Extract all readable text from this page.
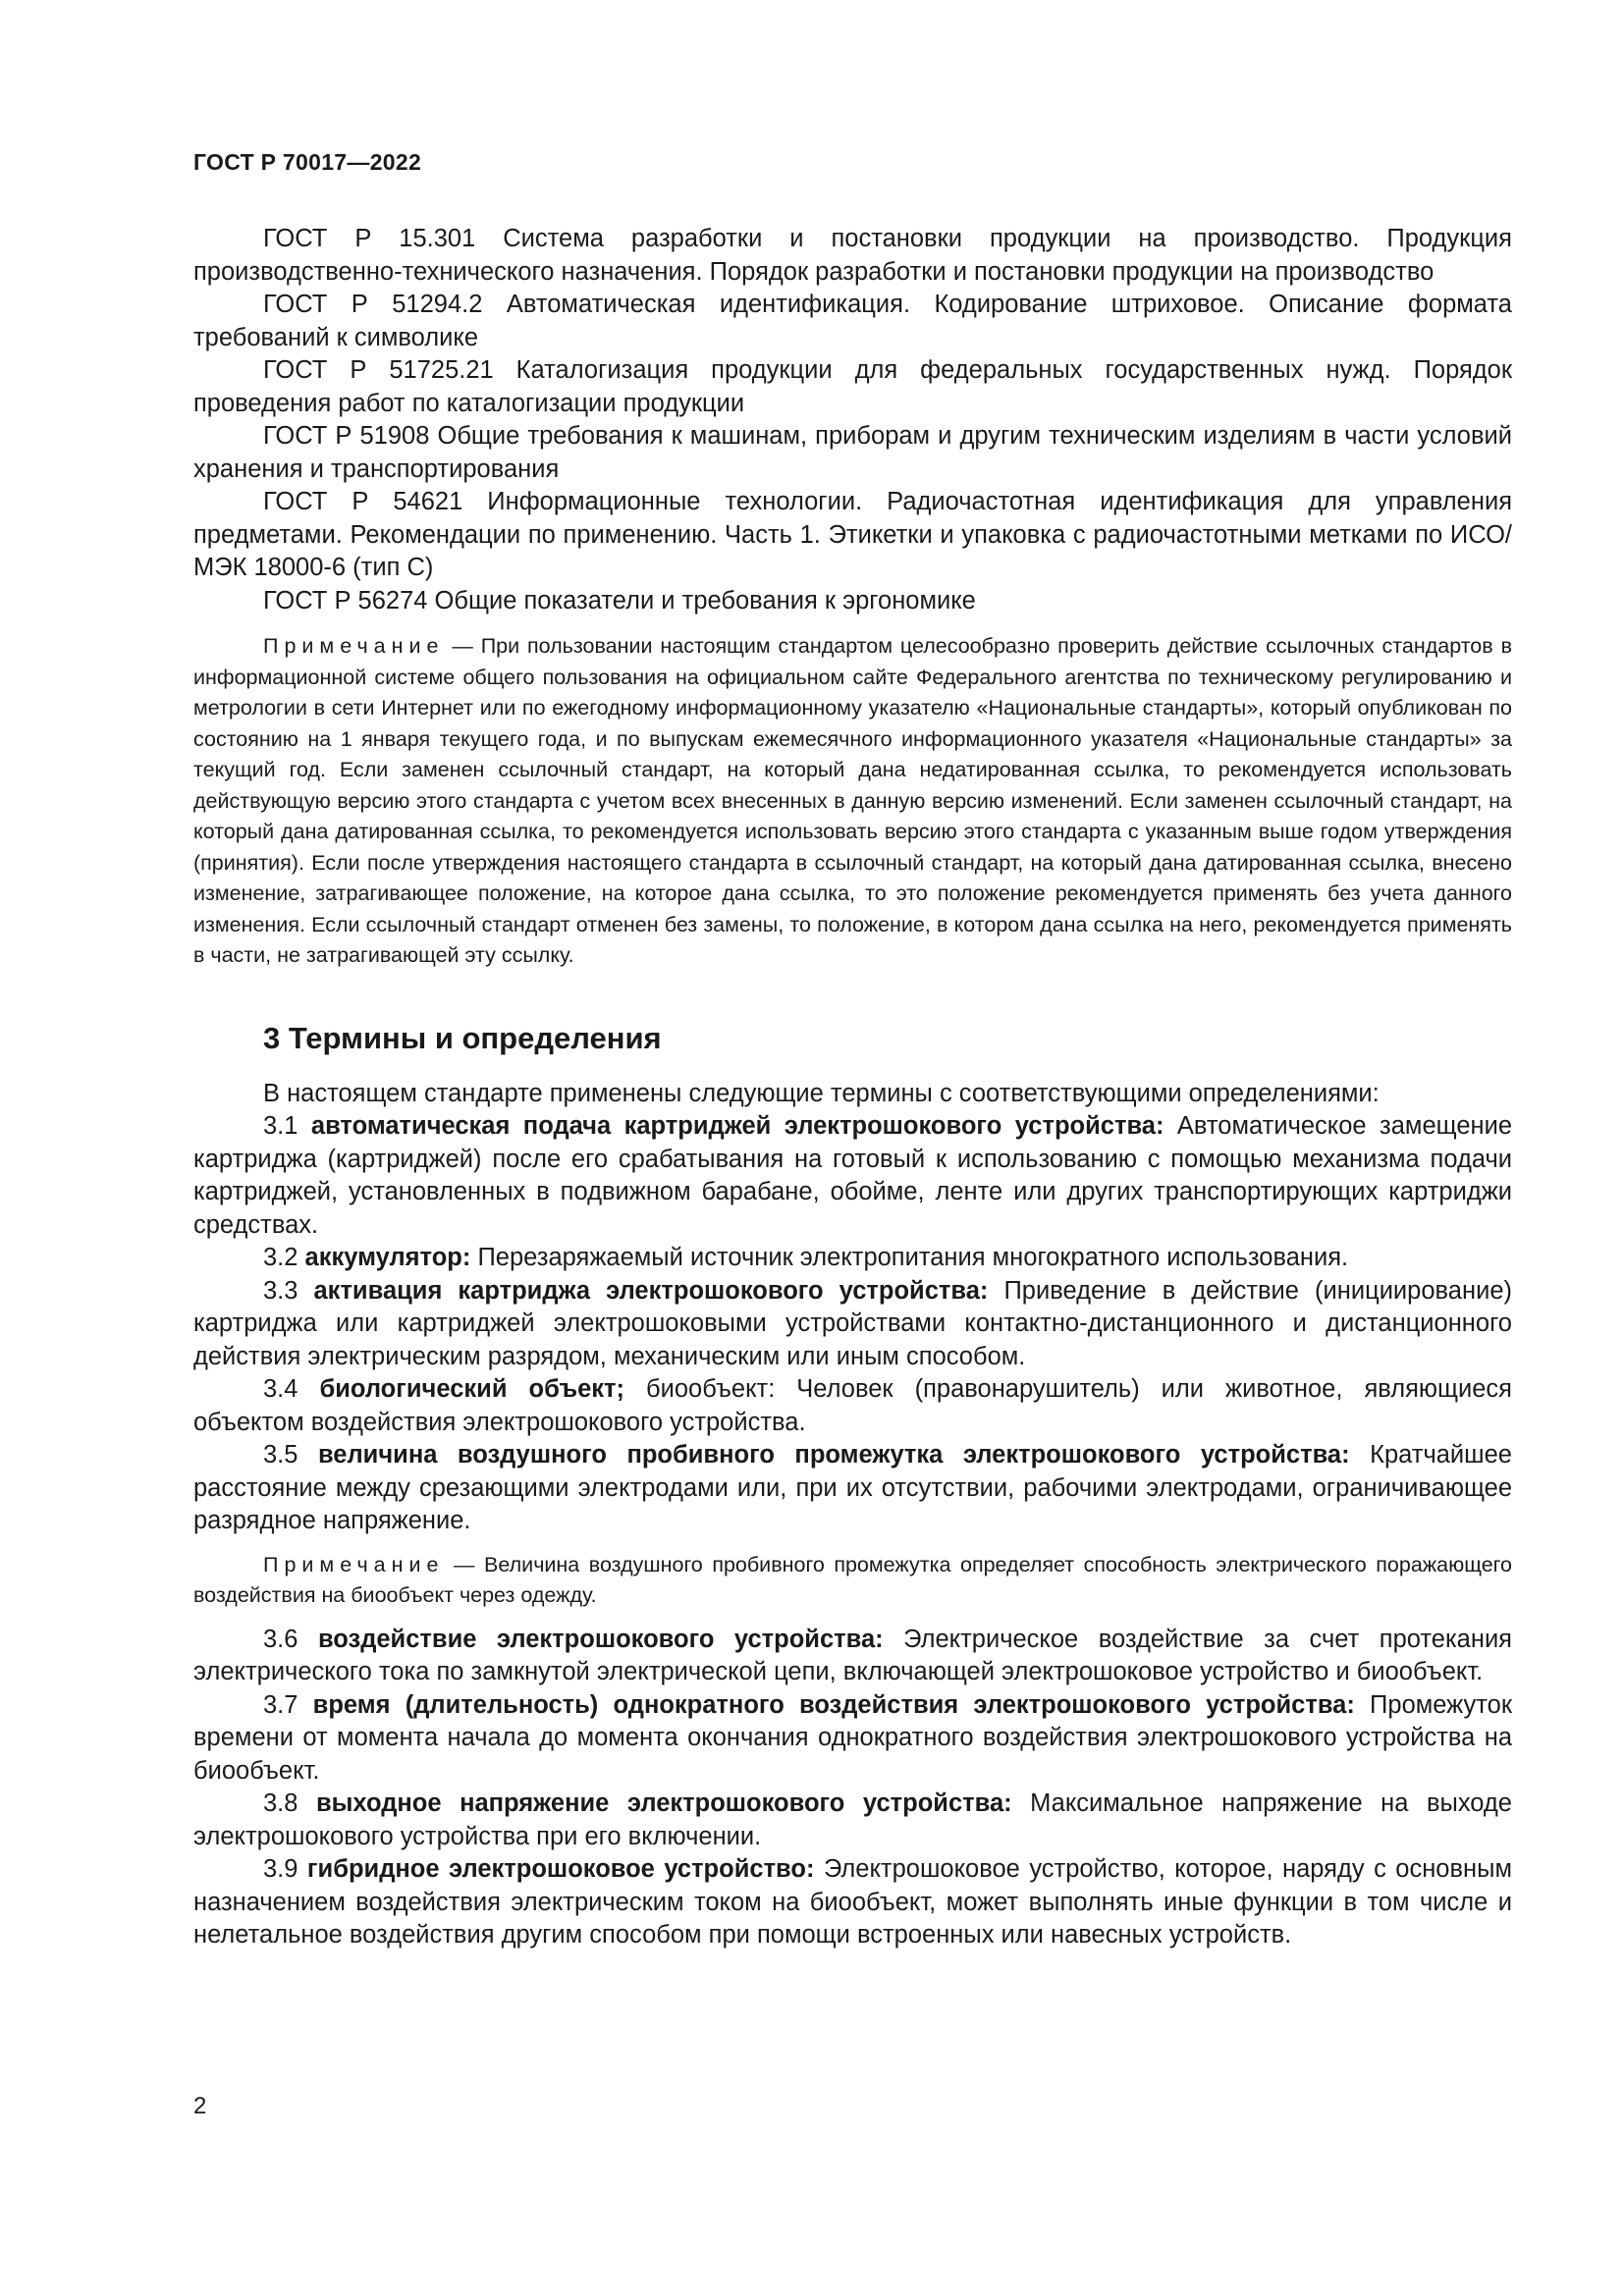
ГОСТ Р 70017—2022

ГОСТ Р 15.301 Система разработки и постановки продукции на производство. Продукция производственно-технического назначения. Порядок разработки и постановки продукции на производство

ГОСТ Р 51294.2 Автоматическая идентификация. Кодирование штриховое. Описание формата требований к символике

ГОСТ Р 51725.21 Каталогизация продукции для федеральных государственных нужд. Порядок проведения работ по каталогизации продукции

ГОСТ Р 51908 Общие требования к машинам, приборам и другим техническим изделиям в части условий хранения и транспортирования

ГОСТ Р 54621 Информационные технологии. Радиочастотная идентификация для управления предметами. Рекомендации по применению. Часть 1. Этикетки и упаковка с радиочастотными метками по ИСО/МЭК 18000-6 (тип С)

ГОСТ Р 56274 Общие показатели и требования к эргономике

Примечание — При пользовании настоящим стандартом целесообразно проверить действие ссылочных стандартов в информационной системе общего пользования на официальном сайте Федерального агентства по техническому регулированию и метрологии в сети Интернет или по ежегодному информационному указателю «Национальные стандарты», который опубликован по состоянию на 1 января текущего года, и по выпускам ежемесячного информационного указателя «Национальные стандарты» за текущий год. Если заменен ссылочный стандарт, на который дана недатированная ссылка, то рекомендуется использовать действующую версию этого стандарта с учетом всех внесенных в данную версию изменений. Если заменен ссылочный стандарт, на который дана датированная ссылка, то рекомендуется использовать версию этого стандарта с указанным выше годом утверждения (принятия). Если после утверждения настоящего стандарта в ссылочный стандарт, на который дана датированная ссылка, внесено изменение, затрагивающее положение, на которое дана ссылка, то это положение рекомендуется применять без учета данного изменения. Если ссылочный стандарт отменен без замены, то положение, в котором дана ссылка на него, рекомендуется применять в части, не затрагивающей эту ссылку.

3 Термины и определения

В настоящем стандарте применены следующие термины с соответствующими определениями:

3.1 автоматическая подача картриджей электрошокового устройства: Автоматическое замещение картриджа (картриджей) после его срабатывания на готовый к использованию с помощью механизма подачи картриджей, установленных в подвижном барабане, обойме, ленте или других транспортирующих картриджи средствах.

3.2 аккумулятор: Перезаряжаемый источник электропитания многократного использования.

3.3 активация картриджа электрошокового устройства: Приведение в действие (инициирование) картриджа или картриджей электрошоковыми устройствами контактно-дистанционного и дистанционного действия электрическим разрядом, механическим или иным способом.

3.4 биологический объект; биообъект: Человек (правонарушитель) или животное, являющиеся объектом воздействия электрошокового устройства.

3.5 величина воздушного пробивного промежутка электрошокового устройства: Кратчайшее расстояние между срезающими электродами или, при их отсутствии, рабочими электродами, ограничивающее разрядное напряжение.

Примечание — Величина воздушного пробивного промежутка определяет способность электрического поражающего воздействия на биообъект через одежду.

3.6 воздействие электрошокового устройства: Электрическое воздействие за счет протекания электрического тока по замкнутой электрической цепи, включающей электрошоковое устройство и биообъект.

3.7 время (длительность) однократного воздействия электрошокового устройства: Промежуток времени от момента начала до момента окончания однократного воздействия электрошокового устройства на биообъект.

3.8 выходное напряжение электрошокового устройства: Максимальное напряжение на выходе электрошокового устройства при его включении.

3.9 гибридное электрошоковое устройство: Электрошоковое устройство, которое, наряду с основным назначением воздействия электрическим током на биообъект, может выполнять иные функции в том числе и нелетальное воздействия другим способом при помощи встроенных или навесных устройств.

2
